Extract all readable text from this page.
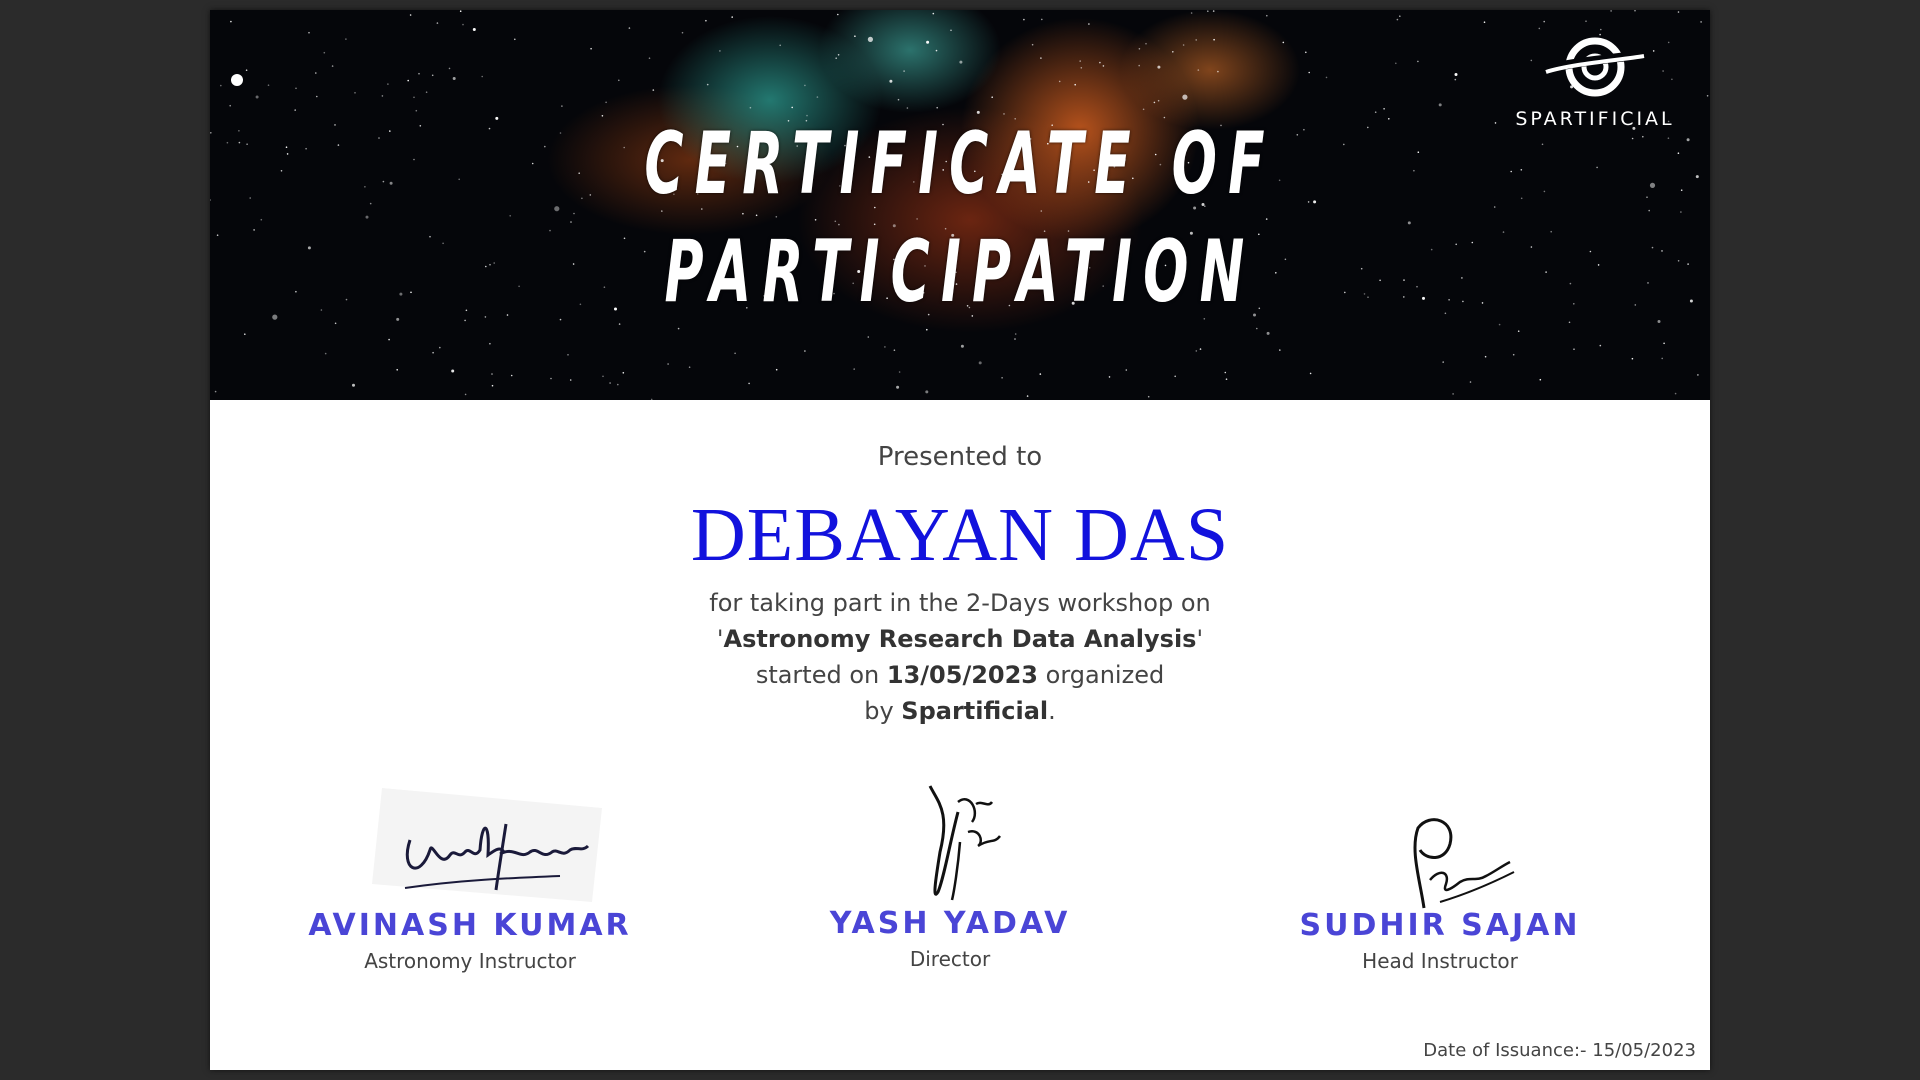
CERTIFICATE OF
PARTICIPATION
SPARTIFICIAL
Presented to
DEBAYAN DAS
for taking part in the 2-Days workshop on
'Astronomy Research Data Analysis'
started on 13/05/2023 organized
by Spartificial.
AVINASH KUMAR
Astronomy Instructor
YASH YADAV
Director
SUDHIR SAJAN
Head Instructor
Date of Issuance:- 15/05/2023
